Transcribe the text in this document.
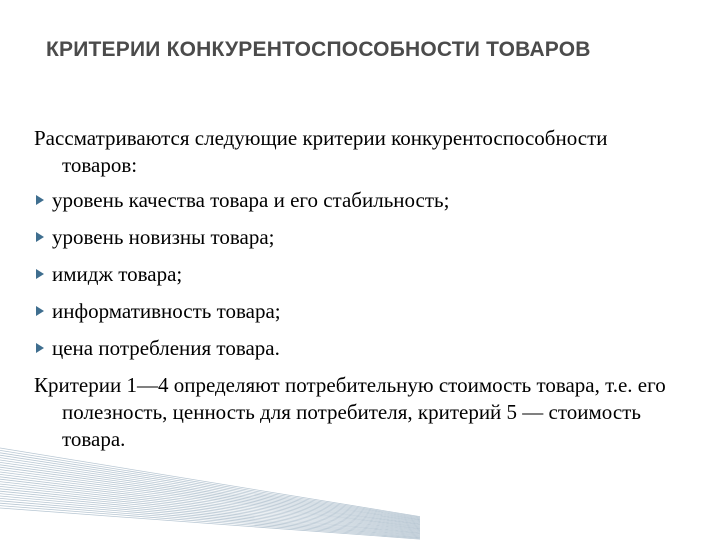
КРИТЕРИИ КОНКУРЕНТОСПОСОБНОСТИ ТОВАРОВ

Рассматриваются следующие критерии конкурентоспособности товаров:

уровень качества товара и его стабильность;
уровень новизны товара;
имидж товара;
информативность товара;
цена потребления товара.

Критерии 1—4 определяют потребительную стоимость товара, т.е. его полезность, ценность для потребителя, критерий 5 — стоимость товара.
